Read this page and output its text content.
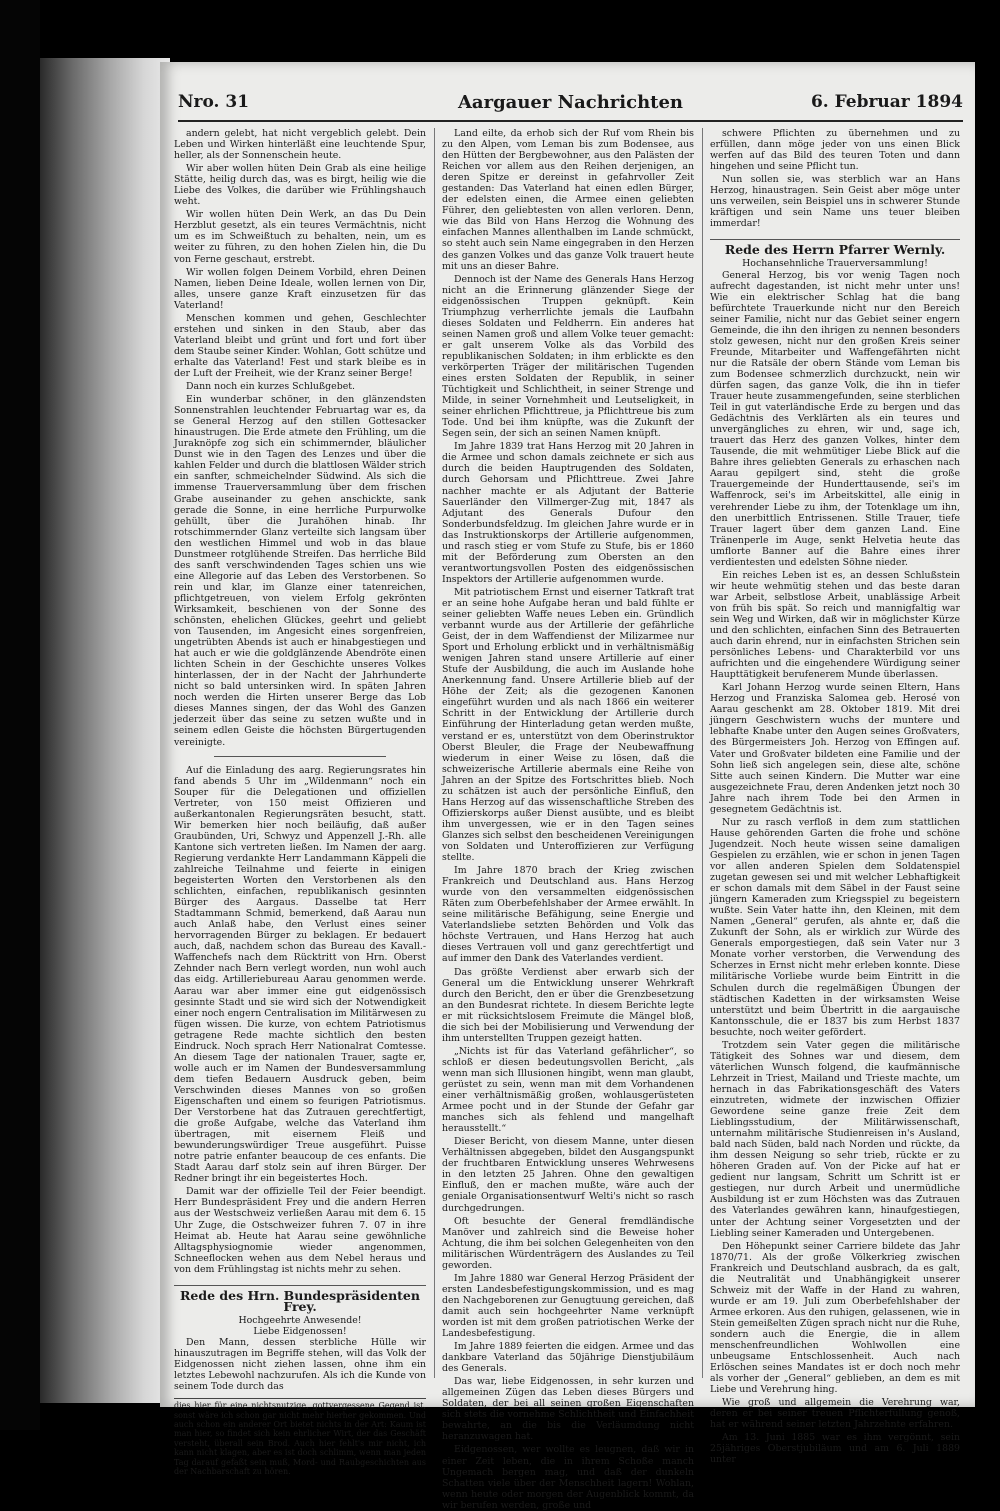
Nro. 31	Aargauer Nachrichten	6. Februar 1894

andern gelebt, hat nicht vergeblich gelebt. Dein Leben und Wirken hinterläßt eine leuchtende Spur, heller, als der Sonnenschein heute.

Wir aber wollen hüten Dein Grab als eine heilige Stätte, heilig durch das, was es birgt, heilig wie die Liebe des Volkes, die darüber wie Frühlingshauch weht.

Wir wollen hüten Dein Werk, an das Du Dein Herzblut gesetzt, als ein teures Vermächtnis, nicht um es im Schweißtuch zu behalten, nein, um es weiter zu führen, zu den hohen Zielen hin, die Du von Ferne geschaut, erstrebt.

Wir wollen folgen Deinem Vorbild, ehren Deinen Namen, lieben Deine Ideale, wollen lernen von Dir, alles, unsere ganze Kraft einzusetzen für das Vaterland!

Menschen kommen und gehen, Geschlechter erstehen und sinken in den Staub, aber das Vaterland bleibt und grünt und fort und fort über dem Staube seiner Kinder. Wohlan, Gott schütze und erhalte das Vaterland! Fest und stark bleibe es in der Luft der Freiheit, wie der Kranz seiner Berge!

Dann noch ein kurzes Schlußgebet.

Ein wunderbar schöner, in den glänzendsten Sonnenstrahlen leuchtender Februartag war es, da se General Herzog auf den stillen Gottesacker hinaustrugen. Die Erde atmete den Frühling, um die Juraknöpfe zog sich ein schimmernder, bläulicher Dunst wie in den Tagen des Lenzes und über die kahlen Felder und durch die blattlosen Wälder strich ein sanfter, schmeichelnder Südwind. Als sich die immense Trauerversammlung über dem frischen Grabe auseinander zu gehen anschickte, sank gerade die Sonne, in eine herrliche Purpurwolke gehüllt, über die Jurahöhen hinab. Ihr rotschimmernder Glanz verteilte sich langsam über den westlichen Himmel und wob in das blaue Dunstmeer rotglühende Streifen. Das herrliche Bild des sanft verschwindenden Tages schien uns wie eine Allegorie auf das Leben des Verstorbenen. So rein und klar, im Glanze einer tatenreichen, pflichtgetreuen, von vielem Erfolg gekrönten Wirksamkeit, beschienen von der Sonne des schönsten, ehelichen Glückes, geehrt und geliebt von Tausenden, im Angesicht eines sorgenfreien, ungetrübten Abends ist auch er hinabgestiegen und hat auch er wie die goldglänzende Abendröte einen lichten Schein in der Geschichte unseres Volkes hinterlassen, der in der Nacht der Jahrhunderte nicht so bald untersinken wird. In späten Jahren noch werden die Hirten unserer Berge das Lob dieses Mannes singen, der das Wohl des Ganzen jederzeit über das seine zu setzen wußte und in seinem edlen Geiste die höchsten Bürgertugenden vereinigte.

Auf die Einladung des aarg. Regierungsrates hin fand abends 5 Uhr im „Wildenmann“ noch ein Souper für die Delegationen und offiziellen Vertreter, von 150 meist Offizieren und außerkantonalen Regierungsräten besucht, statt. Wir bemerken hier noch beiläufig, daß außer Graubünden, Uri, Schwyz und Appenzell J.-Rh. alle Kantone sich vertreten ließen. Im Namen der aarg. Regierung verdankte Herr Landammann Käppeli die zahlreiche Teilnahme und feierte in einigen begeisterten Worten den Verstorbenen als den schlichten, einfachen, republikanisch gesinnten Bürger des Aargaus. Dasselbe tat Herr Stadtammann Schmid, bemerkend, daß Aarau nun auch Anlaß habe, den Verlust eines seiner hervorragenden Bürger zu beklagen. Er bedauert auch, daß, nachdem schon das Bureau des Kavall.-Waffenchefs nach dem Rücktritt von Hrn. Oberst Zehnder nach Bern verlegt worden, nun wohl auch das eidg. Artilleriebureau Aarau genommen werde. Aarau war aber immer eine gut eidgenössisch gesinnte Stadt und sie wird sich der Notwendigkeit einer noch engern Centralisation im Militärwesen zu fügen wissen. Die kurze, von echtem Patriotismus getragene Rede machte sichtlich den besten Eindruck. Noch sprach Herr Nationalrat Comtesse. An diesem Tage der nationalen Trauer, sagte er, wolle auch er im Namen der Bundesversammlung dem tiefen Bedauern Ausdruck geben, beim Verschwinden dieses Mannes von so großen Eigenschaften und einem so feurigen Patriotismus. Der Verstorbene hat das Zutrauen gerechtfertigt, die große Aufgabe, welche das Vaterland ihm übertragen, mit eisernem Fleiß und bewunderungswürdiger Treue ausgeführt. Puisse notre patrie enfanter beaucoup de ces enfants. Die Stadt Aarau darf stolz sein auf ihren Bürger. Der Redner bringt ihr ein begeistertes Hoch.

Damit war der offizielle Teil der Feier beendigt. Herr Bundespräsident Frey und die andern Herren aus der Westschweiz verließen Aarau mit dem 6. 15 Uhr Zuge, die Ostschweizer fuhren 7. 07 in ihre Heimat ab. Heute hat Aarau seine gewöhnliche Alltagsphysiognomie wieder angenommen, Schneeflocken wehen aus dem Nebel heraus und von dem Frühlingstag ist nichts mehr zu sehen.

Rede des Hrn. Bundespräsidenten Frey.

Hochgeehrte Anwesende!

Liebe Eidgenossen!

Den Mann, dessen sterbliche Hülle wir hinauszutragen im Begriffe stehen, will das Volk der Eidgenossen nicht ziehen lassen, ohne ihm ein letztes Lebewohl nachzurufen. Als ich die Kunde von seinem Tode durch das

dies hier für eine nichtsnutzige, gottvergessene Gegend ist, sonst wäre ich schon gar nicht mehr hierher gekommen. Und auch schon ein anderer Ort bietet nichts in der Art: Kaum ist man hier, so findet sich kein ehrlicher Wirt, der das Geschäft versteht, überall sein Brod. Auch hier fehlt's mir nicht, ich kann nicht klagen, aber es ist doch schlimm, wenn man jeden Tag darauf gefaßt sein muß, Mord- und Raubgeschichten aus der Nachbarschaft zu hören.

Land eilte, da erhob sich der Ruf vom Rhein bis zu den Alpen, vom Leman bis zum Bodensee, aus den Hütten der Bergbewohner, aus den Palästen der Reichen vor allem aus den Reihen derjenigen, an deren Spitze er dereinst in gefahrvoller Zeit gestanden: Das Vaterland hat einen edlen Bürger, der edelsten einen, die Armee einen geliebten Führer, den geliebtesten von allen verloren. Denn, wie das Bild von Hans Herzog die Wohnung des einfachen Mannes allenthalben im Lande schmückt, so steht auch sein Name eingegraben in den Herzen des ganzen Volkes und das ganze Volk trauert heute mit uns an dieser Bahre.

Dennoch ist der Name des Generals Hans Herzog nicht an die Erinnerung glänzender Siege der eidgenössischen Truppen geknüpft. Kein Triumphzug verherrlichte jemals die Laufbahn dieses Soldaten und Feldherrn. Ein anderes hat seinen Namen groß und allem Volke teuer gemacht: er galt unserem Volke als das Vorbild des republikanischen Soldaten; in ihm erblickte es den verkörperten Träger der militärischen Tugenden eines ersten Soldaten der Republik, in seiner Tüchtigkeit und Schlichtheit, in seiner Strenge und Milde, in seiner Vornehmheit und Leutseligkeit, in seiner ehrlichen Pflichttreue, ja Pflichttreue bis zum Tode. Und bei ihm knüpfte, was die Zukunft der Segen sein, der sich an seinen Namen knüpft.

Im Jahre 1839 trat Hans Herzog mit 20 Jahren in die Armee und schon damals zeichnete er sich aus durch die beiden Hauptrugenden des Soldaten, durch Gehorsam und Pflichttreue. Zwei Jahre nachher machte er als Adjutant der Batterie Sauerländer den Villmerger-Zug mit, 1847 als Adjutant des Generals Dufour den Sonderbundsfeldzug. Im gleichen Jahre wurde er in das Instruktionskorps der Artillerie aufgenommen, und rasch stieg er vom Stufe zu Stufe, bis er 1860 mit der Beförderung zum Obersten an den verantwortungsvollen Posten des eidgenössischen Inspektors der Artillerie aufgenommen wurde.

Mit patriotischem Ernst und eiserner Tatkraft trat er an seine hohe Aufgabe heran und bald fühlte er seiner geliebten Waffe neues Leben ein. Gründlich verbannt wurde aus der Artillerie der gefährliche Geist, der in dem Waffendienst der Milizarmee nur Sport und Erholung erblickt und in verhältnismäßig wenigen Jahren stand unsere Artillerie auf einer Stufe der Ausbildung, die auch im Auslande hohe Anerkennung fand. Unsere Artillerie blieb auf der Höhe der Zeit; als die gezogenen Kanonen eingeführt wurden und als nach 1866 ein weiterer Schritt in der Entwicklung der Artillerie durch Einführung der Hinterladung getan werden mußte, verstand er es, unterstützt von dem Oberinstruktor Oberst Bleuler, die Frage der Neubewaffnung wiederum in einer Weise zu lösen, daß die schweizerische Artillerie abermals eine Reihe von Jahren an der Spitze des Fortschrittes blieb. Noch zu schätzen ist auch der persönliche Einfluß, den Hans Herzog auf das wissenschaftliche Streben des Offizierskorps außer Dienst ausübte, und es bleibt ihm unvergessen, wie er in den Tagen seines Glanzes sich selbst den bescheidenen Vereinigungen von Soldaten und Unteroffizieren zur Verfügung stellte.

Im Jahre 1870 brach der Krieg zwischen Frankreich und Deutschland aus. Hans Herzog wurde von den versammelten eidgenössischen Räten zum Oberbefehlshaber der Armee erwählt. In seine militärische Befähigung, seine Energie und Vaterlandsliebe setzten Behörden und Volk das höchste Vertrauen, und Hans Herzog hat auch dieses Vertrauen voll und ganz gerechtfertigt und auf immer den Dank des Vaterlandes verdient.

Das größte Verdienst aber erwarb sich der General um die Entwicklung unserer Wehrkraft durch den Bericht, den er über die Grenzbesetzung an den Bundesrat richtete. In diesem Berichte legte er mit rücksichtslosem Freimute die Mängel bloß, die sich bei der Mobilisierung und Verwendung der ihm unterstellten Truppen gezeigt hatten.

„Nichts ist für das Vaterland gefährlicher“, so schloß er diesen bedeutungsvollen Bericht, „als wenn man sich Illusionen hingibt, wenn man glaubt, gerüstet zu sein, wenn man mit dem Vorhandenen einer verhältnismäßig großen, wohlausgerüsteten Armee pocht und in der Stunde der Gefahr gar manches sich als fehlend und mangelhaft herausstellt.“

Dieser Bericht, von diesem Manne, unter diesen Verhältnissen abgegeben, bildet den Ausgangspunkt der fruchtbaren Entwicklung unseres Wehrwesens in den letzten 25 Jahren. Ohne den gewaltigen Einfluß, den er machen mußte, wäre auch der geniale Organisationsentwurf Welti's nicht so rasch durchgedrungen.

Oft besuchte der General fremdländische Manöver und zahlreich sind die Beweise hoher Achtung, die ihm bei solchen Gelegenheiten von den militärischen Würdenträgern des Auslandes zu Teil geworden.

Im Jahre 1880 war General Herzog Präsident der ersten Landesbefestigungskommission, und es mag den Nachgeborenen zur Genugtuung gereichen, daß damit auch sein hochgeehrter Name verknüpft worden ist mit dem großen patriotischen Werke der Landesbefestigung.

Im Jahre 1889 feierten die eidgen. Armee und das dankbare Vaterland das 50jährige Dienstjubiläum des Generals.

Das war, liebe Eidgenossen, in sehr kurzen und allgemeinen Zügen das Leben dieses Bürgers und Soldaten, der bei all seinen großen Eigenschaften sich stets die vornehme Schlichtheit und Einfachheit bewahrte, an die bis die Verläumdung nicht heranzuwagen hat.

Eidgenossen, wer wollte es leugnen, daß wir in einer Zeit leben, die in ihrem Schoße manch Ungemach bergen mag, und daß der dunkeln Schatten viele über der Menschheit lagern! Wohlan, wenn heute oder morgen der Augenblick kommt, da wir berufen werden, große und

schwere Pflichten zu übernehmen und zu erfüllen, dann möge jeder von uns einen Blick werfen auf das Bild des teuren Toten und dann hingehen und seine Pflicht tun.

Nun sollen sie, was sterblich war an Hans Herzog, hinaustragen. Sein Geist aber möge unter uns verweilen, sein Beispiel uns in schwerer Stunde kräftigen und sein Name uns teuer bleiben immerdar!

Rede des Herrn Pfarrer Wernly.

Hochansehnliche Trauerversammlung!

General Herzog, bis vor wenig Tagen noch aufrecht dagestanden, ist nicht mehr unter uns! Wie ein elektrischer Schlag hat die bang befürchtete Trauerkunde nicht nur den Bereich seiner Familie, nicht nur das Gebiet seiner engern Gemeinde, die ihn den ihrigen zu nennen besonders stolz gewesen, nicht nur den großen Kreis seiner Freunde, Mitarbeiter und Waffengefährten nicht nur die Ratsäle der obern Stände vom Leman bis zum Bodensee schmerzlich durchzuckt, nein wir dürfen sagen, das ganze Volk, die ihn in tiefer Trauer heute zusammengefunden, seine sterblichen Teil in gut vaterländische Erde zu bergen und das Gedächtnis des Verklärten als ein teures und unvergängliches zu ehren, wir und, sage ich, trauert das Herz des ganzen Volkes, hinter dem Tausende, die mit wehmütiger Liebe Blick auf die Bahre ihres geliebten Generals zu erhaschen nach Aarau gepilgert sind, steht die große Trauergemeinde der Hunderttausende, sei's im Waffenrock, sei's im Arbeitskittel, alle einig in verehrender Liebe zu ihm, der Totenklage um ihn, den unerbittlich Entrissenen. Stille Trauer, tiefe Trauer lagert über dem ganzen Land. Eine Tränenperle im Auge, senkt Helvetia heute das umflorte Banner auf die Bahre eines ihrer verdientesten und edelsten Söhne nieder.

Ein reiches Leben ist es, an dessen Schlußstein wir heute wehmütig stehen und das beste daran war Arbeit, selbstlose Arbeit, unablässige Arbeit von früh bis spät. So reich und mannigfaltig war sein Weg und Wirken, daß wir in möglichster Kürze und den schlichten, einfachen Sinn des Betrauerten auch darin ehrend, nur in einfachsten Strichen sein persönliches Lebens- und Charakterbild vor uns aufrichten und die eingehendere Würdigung seiner Haupttätigkeit berufenerem Munde überlassen.

Karl Johann Herzog wurde seinen Eltern, Hans Herzog und Franziska Salomea geb. Herosé von Aarau geschenkt am 28. Oktober 1819. Mit drei jüngern Geschwistern wuchs der muntere und lebhafte Knabe unter den Augen seines Großvaters, des Bürgermeisters Joh. Herzog von Effingen auf. Vater und Großvater bildeten eine Familie und der Sohn ließ sich angelegen sein, diese alte, schöne Sitte auch seinen Kindern. Die Mutter war eine ausgezeichnete Frau, deren Andenken jetzt noch 30 Jahre nach ihrem Tode bei den Armen in gesegnetem Gedächtnis ist.

Nur zu rasch verfloß in dem zum stattlichen Hause gehörenden Garten die frohe und schöne Jugendzeit. Noch heute wissen seine damaligen Gespielen zu erzählen, wie er schon in jenen Tagen vor allen anderen Spielen dem Soldatenspiel zugetan gewesen sei und mit welcher Lebhaftigkeit er schon damals mit dem Säbel in der Faust seine jüngern Kameraden zum Kriegsspiel zu begeistern wußte. Sein Vater hatte ihn, den Kleinen, mit dem Namen „General“ gerufen, als ahnte er, daß die Zukunft der Sohn, als er wirklich zur Würde des Generals emporgestiegen, daß sein Vater nur 3 Monate vorher verstorben, die Verwendung des Scherzes in Ernst nicht mehr erleben konnte. Diese militärische Vorliebe wurde beim Eintritt in die Schulen durch die regelmäßigen Übungen der städtischen Kadetten in der wirksamsten Weise unterstützt und beim Übertritt in die aargauische Kantonsschule, die er 1837 bis zum Herbst 1837 besuchte, noch weiter gefördert.

Trotzdem sein Vater gegen die militärische Tätigkeit des Sohnes war und diesem, dem väterlichen Wunsch folgend, die kaufmännische Lehrzeit in Triest, Mailand und Trieste machte, um hernach in das Fabrikationsgeschäft des Vaters einzutreten, widmete der inzwischen Offizier Gewordene seine ganze freie Zeit dem Lieblingsstudium, der Militärwissenschaft, unternahm militärische Studienreisen in's Ausland, bald nach Süden, bald nach Norden und rückte, da ihm dessen Neigung so sehr trieb, rückte er zu höheren Graden auf. Von der Picke auf hat er gedient nur langsam, Schritt um Schritt ist er gestiegen, nur durch Arbeit und unermüdliche Ausbildung ist er zum Höchsten was das Zutrauen des Vaterlandes gewähren kann, hinaufgestiegen, unter der Achtung seiner Vorgesetzten und der Liebling seiner Kameraden und Untergebenen.

Den Höhepunkt seiner Carriere bildete das Jahr 1870/71. Als der große Völkerkrieg zwischen Frankreich und Deutschland ausbrach, da es galt, die Neutralität und Unabhängigkeit unserer Schweiz mit der Waffe in der Hand zu wahren, wurde er am 19. Juli zum Oberbefehlshaber der Armee erkoren. Aus den ruhigen, gelassenen, wie in Stein gemeißelten Zügen sprach nicht nur die Ruhe, sondern auch die Energie, die in allem menschenfreundlichen Wohlwollen eine unbeugsame Entschlossenheit. Auch nach Erlöschen seines Mandates ist er doch noch mehr als vorher der „General“ geblieben, an dem es mit Liebe und Verehrung hing.

Wie groß und allgemein die Verehrung war, deren er bei seiner treuen Pflichterfüllung genoß, hat er während seiner letzten Jahrzehnte erfahren.

Am 13. Juni 1885 war es ihm vergönnt, sein 25jähriges Oberstjubiläum und am 6. Juli 1889 unter
